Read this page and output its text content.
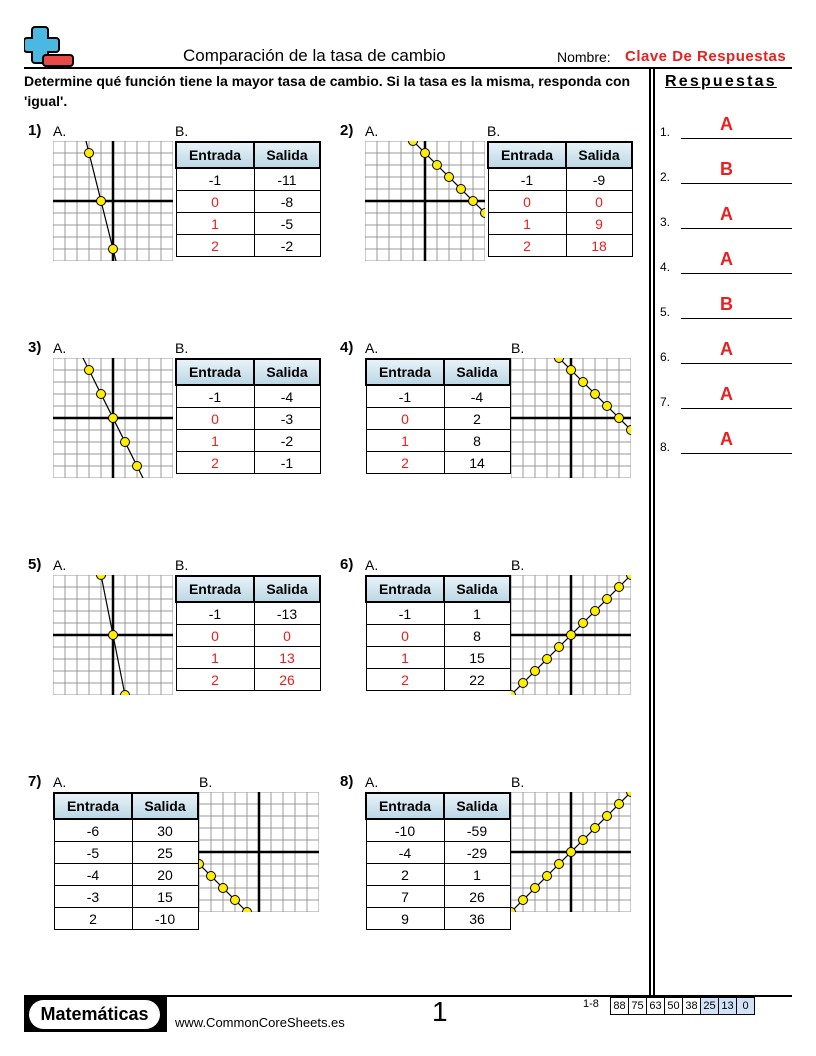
Comparación de la tasa de cambio	Nombre: Clave De Respuestas
Determine qué función tiene la mayor tasa de cambio. Si la tasa es la misma, responda con 'igual'.
Respuestas
1.	A
2.	B
3.	A
4.	A
5.	B
6.	A
7.	A
8.	A
1) A.	B.
Entrada	Salida
-1	-11
0	-8
1	-5
2	-2
2) A.	B.
Entrada	Salida
-1	-9
0	0
1	9
2	18
3) A.	B.
Entrada	Salida
-1	-4
0	-3
1	-2
2	-1
4) A.	B.
Entrada	Salida
-1	-4
0	2
1	8
2	14
5) A.	B.
Entrada	Salida
-1	-13
0	0
1	13
2	26
6) A.	B.
Entrada	Salida
-1	1
0	8
1	15
2	22
7) A.	B.
Entrada	Salida
-6	30
-5	25
-4	20
-3	15
2	-10
8) A.	B.
Entrada	Salida
-10	-59
-4	-29
2	1
7	26
9	36
Matemáticas	www.CommonCoreSheets.es	1	1-8	88 75 63 50 38 25 13 0
